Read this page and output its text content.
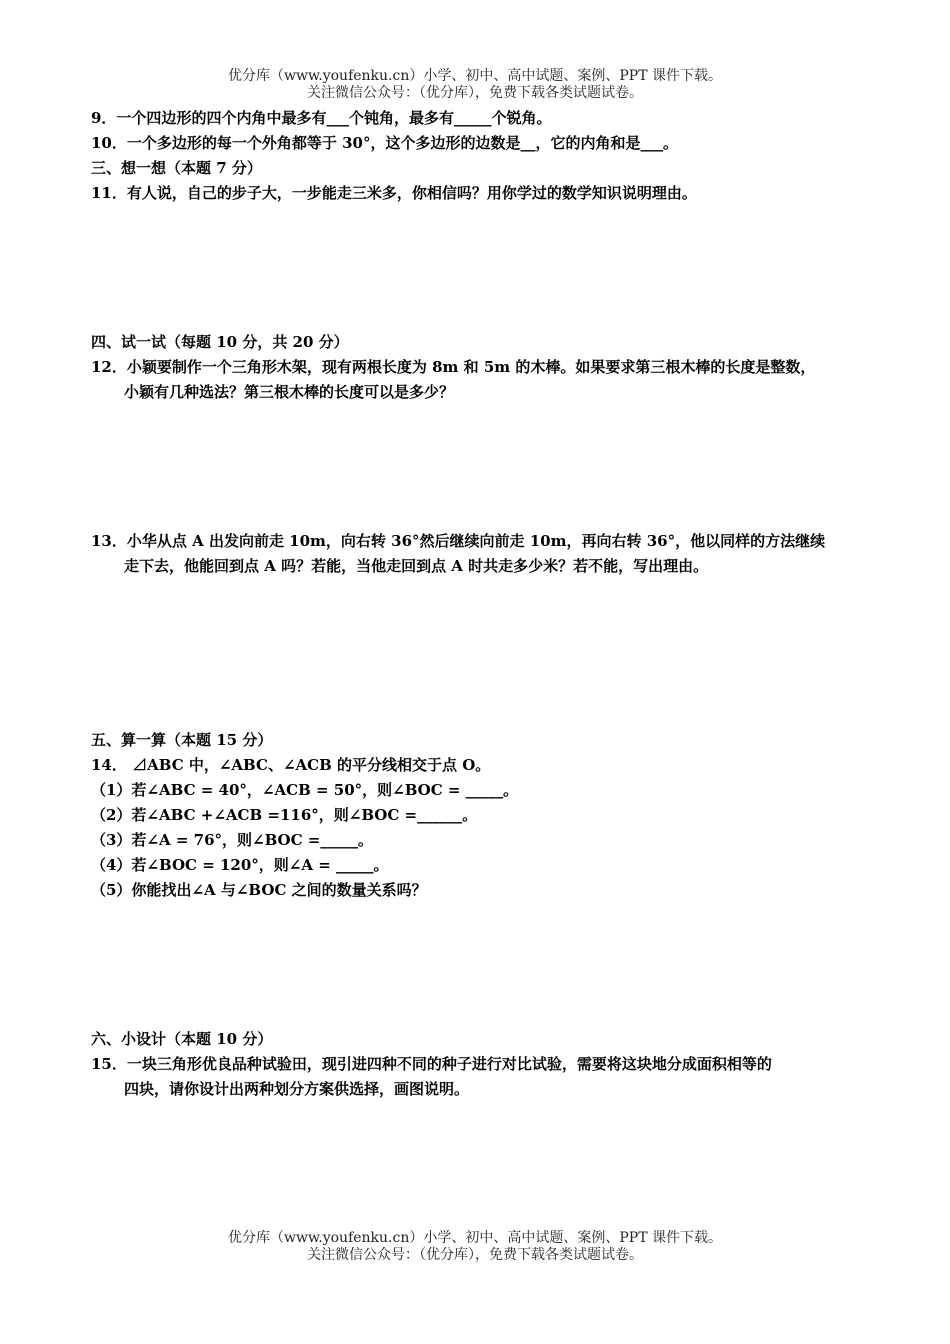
优分库（www.youfenku.cn）小学、初中、高中试题、案例、PPT 课件下载。
关注微信公众号：（优分库），免费下载各类试题试卷。
9．一个四边形的四个内角中最多有___个钝角，最多有_____个锐角。
10．一个多边形的每一个外角都等于 30°，这个多边形的边数是__，它的内角和是___。
三、想一想（本题 7 分）
11．有人说，自己的步子大，一步能走三米多，你相信吗？用你学过的数学知识说明理由。
四、试一试（每题 10 分，共 20 分）
12．小颖要制作一个三角形木架，现有两根长度为 8m 和 5m 的木棒。如果要求第三根木棒的长度是整数，
小颖有几种选法？第三根木棒的长度可以是多少？
13．小华从点 A 出发向前走 10m，向右转 36°然后继续向前走 10m，再向右转 36°，他以同样的方法继续
走下去，他能回到点 A 吗？若能，当他走回到点 A 时共走多少米？若不能，写出理由。
五、算一算（本题 15 分）
14． ⊿ABC 中，∠ABC、∠ACB 的平分线相交于点 O。
（1）若∠ABC = 40°，∠ACB = 50°，则∠BOC = _____。
（2）若∠ABC +∠ACB =116°，则∠BOC =______。
（3）若∠A = 76°，则∠BOC =_____。
（4）若∠BOC = 120°，则∠A = _____。
（5）你能找出∠A 与∠BOC 之间的数量关系吗？
六、小设计（本题 10 分）
15．一块三角形优良品种试验田，现引进四种不同的种子进行对比试验，需要将这块地分成面积相等的
四块，请你设计出两种划分方案供选择，画图说明。
优分库（www.youfenku.cn）小学、初中、高中试题、案例、PPT 课件下载。
关注微信公众号：（优分库），免费下载各类试题试卷。
